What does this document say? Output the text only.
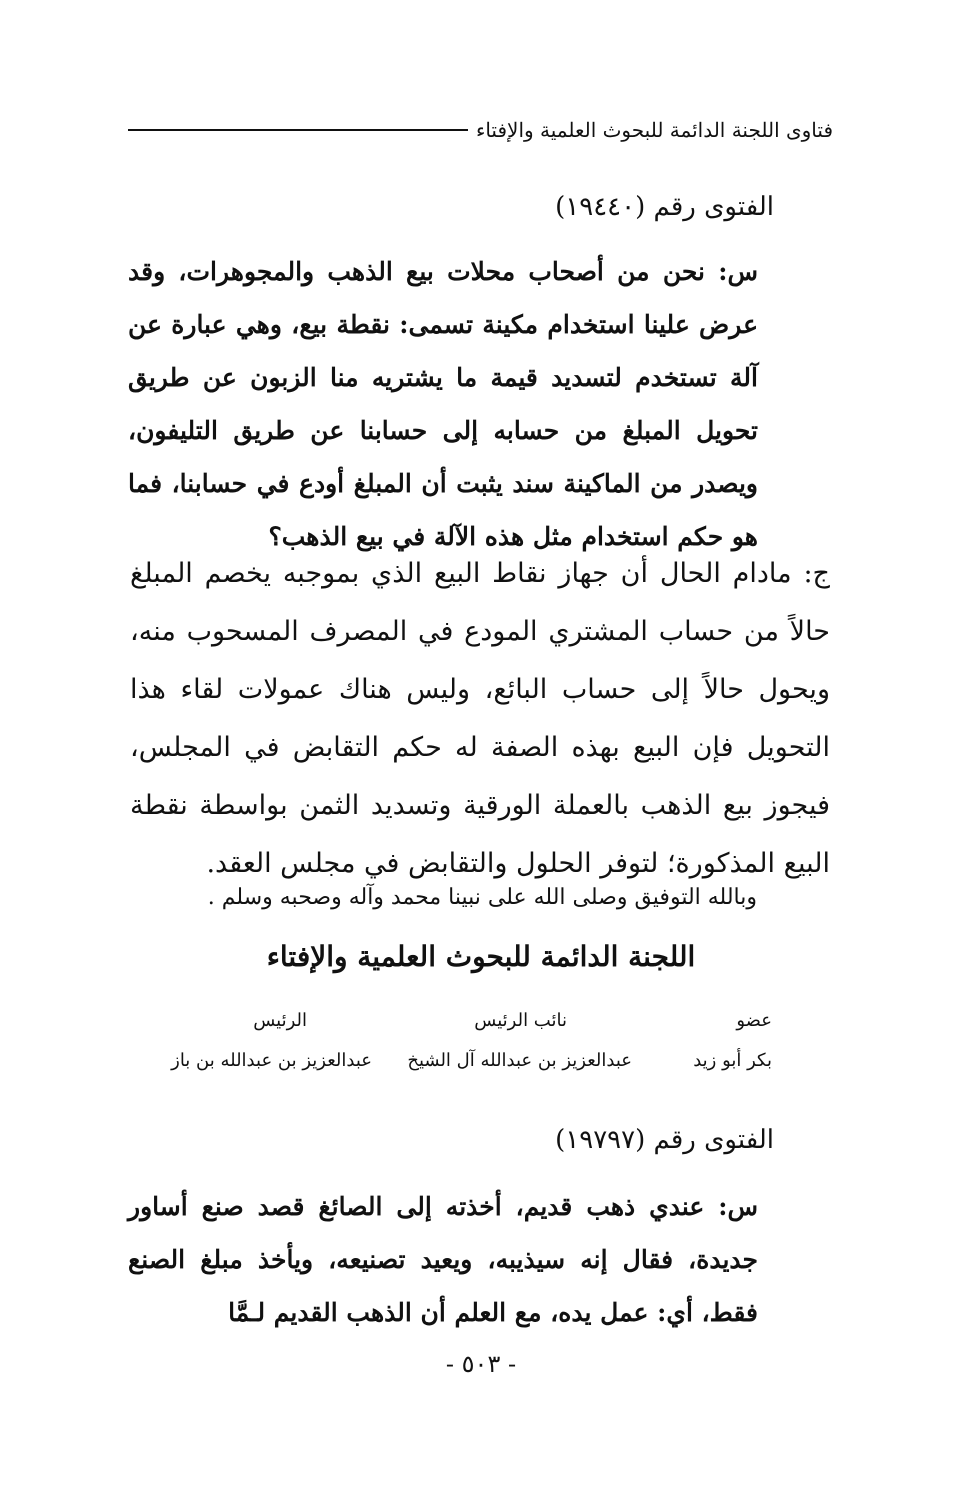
فتاوى اللجنة الدائمة للبحوث العلمية والإفتاء
الفتوى رقم (١٩٤٤٠)
س: نحن من أصحاب محلات بيع الذهب والمجوهرات، وقد عرض علينا استخدام مكينة تسمى: نقطة بيع، وهي عبارة عن آلة تستخدم لتسديد قيمة ما يشتريه منا الزبون عن طريق تحويل المبلغ من حسابه إلى حسابنا عن طريق التليفون، ويصدر من الماكينة سند يثبت أن المبلغ أودع في حسابنا، فما هو حكم استخدام مثل هذه الآلة في بيع الذهب؟
ج: مادام الحال أن جهاز نقاط البيع الذي بموجبه يخصم المبلغ حالاً من حساب المشتري المودع في المصرف المسحوب منه، ويحول حالاً إلى حساب البائع، وليس هناك عمولات لقاء هذا التحويل فإن البيع بهذه الصفة له حكم التقابض في المجلس، فيجوز بيع الذهب بالعملة الورقية وتسديد الثمن بواسطة نقطة البيع المذكورة؛ لتوفر الحلول والتقابض في مجلس العقد.
وبالله التوفيق وصلى الله على نبينا محمد وآله وصحبه وسلم .
اللجنة الدائمة للبحوث العلمية والإفتاء
عضو
بكر أبو زيد
نائب الرئيس
عبدالعزيز بن عبدالله آل الشيخ
الرئيس
عبدالعزيز بن عبدالله بن باز
الفتوى رقم (١٩٧٩٧)
س: عندي ذهب قديم، أخذته إلى الصائغ قصد صنع أساور جديدة، فقال إنه سيذيبه، ويعيد تصنيعه، ويأخذ مبلغ الصنع فقط، أي: عمل يده، مع العلم أن الذهب القديم لـمَّا
- ٥٠٣ -
